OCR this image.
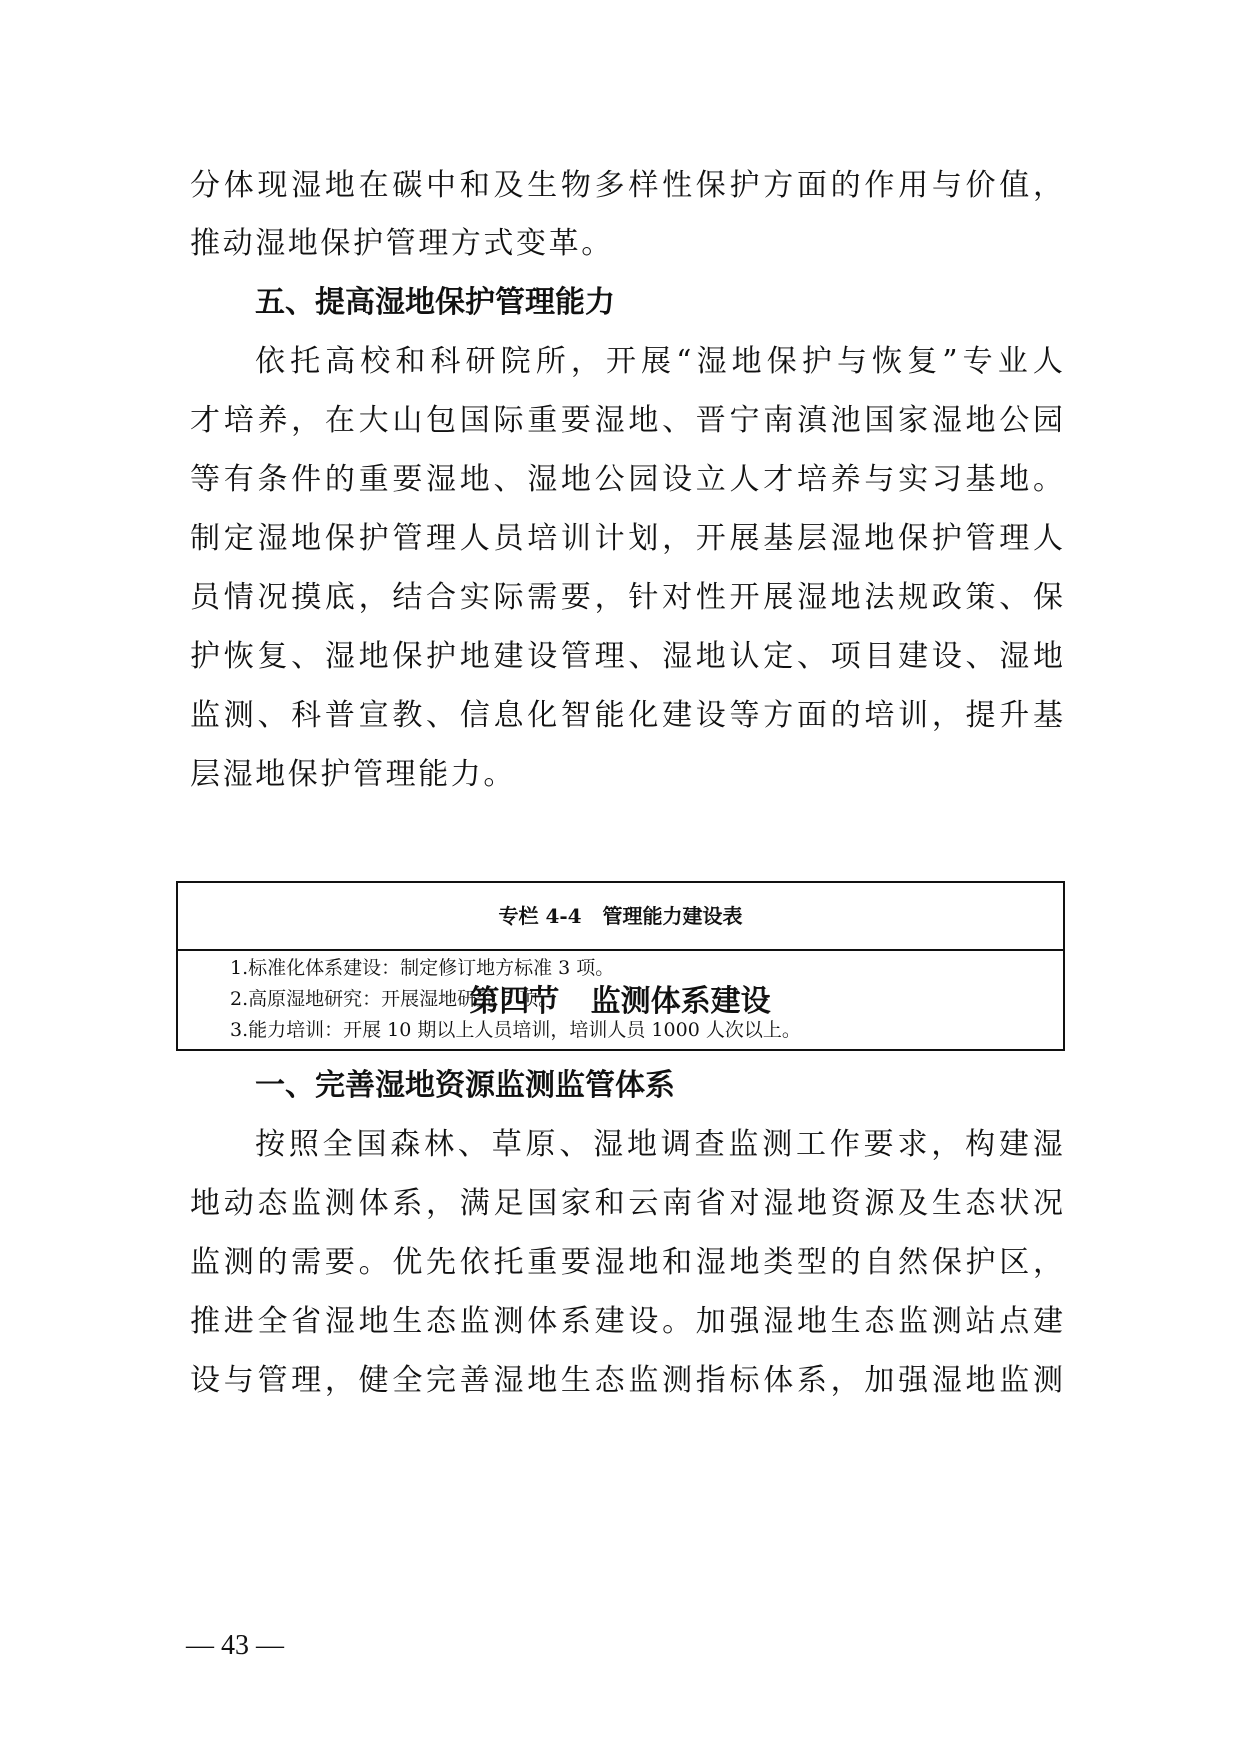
分 体 现 湿 地 在 碳 中 和 及 生 物 多 样 性 保 护 方 面 的 作 用 与 价 值 ，
推动湿地保护管理方式变革。
五、提高湿地保护管理能力
依 托 高 校 和 科 研 院 所 ， 开 展 “ 湿 地 保 护 与 恢 复 ” 专 业 人
才 培 养 ， 在 大 山 包 国 际 重 要 湿 地 、 晋 宁 南 滇 池 国 家 湿 地 公 园
等 有 条 件 的 重 要 湿 地 、 湿 地 公 园 设 立 人 才 培 养 与 实 习 基 地 。
制 定 湿 地 保 护 管 理 人 员 培 训 计 划 ， 开 展 基 层 湿 地 保 护 管 理 人
员 情 况 摸 底 ， 结 合 实 际 需 要 ， 针 对 性 开 展 湿 地 法 规 政 策 、 保
护 恢 复 、 湿 地 保 护 地 建 设 管 理 、 湿 地 认 定 、 项 目 建 设 、 湿 地
监 测 、 科 普 宣 教 、 信 息 化 智 能 化 建 设 等 方 面 的 培 训 ， 提 升 基
层湿地保护管理能力。
专栏 4-4   管理能力建设表
1.标准化体系建设：制定修订地方标准 3 项。
2.高原湿地研究：开展湿地研究 5 项。
3.能力培训：开展 10 期以上人员培训，培训人员 1000 人次以上。
第四节   监测体系建设
一、完善湿地资源监测监管体系
按 照 全 国 森 林 、 草 原 、 湿 地 调 查 监 测 工 作 要 求 ， 构 建 湿
地 动 态 监 测 体 系 ， 满 足 国 家 和 云 南 省 对 湿 地 资 源 及 生 态 状 况
监 测 的 需 要 。 优 先 依 托 重 要 湿 地 和 湿 地 类 型 的 自 然 保 护 区 ，
推 进 全 省 湿 地 生 态 监 测 体 系 建 设 。 加 强 湿 地 生 态 监 测 站 点 建
设 与 管 理 ， 健 全 完 善 湿 地 生 态 监 测 指 标 体 系 ， 加 强 湿 地 监 测
— 43 —
